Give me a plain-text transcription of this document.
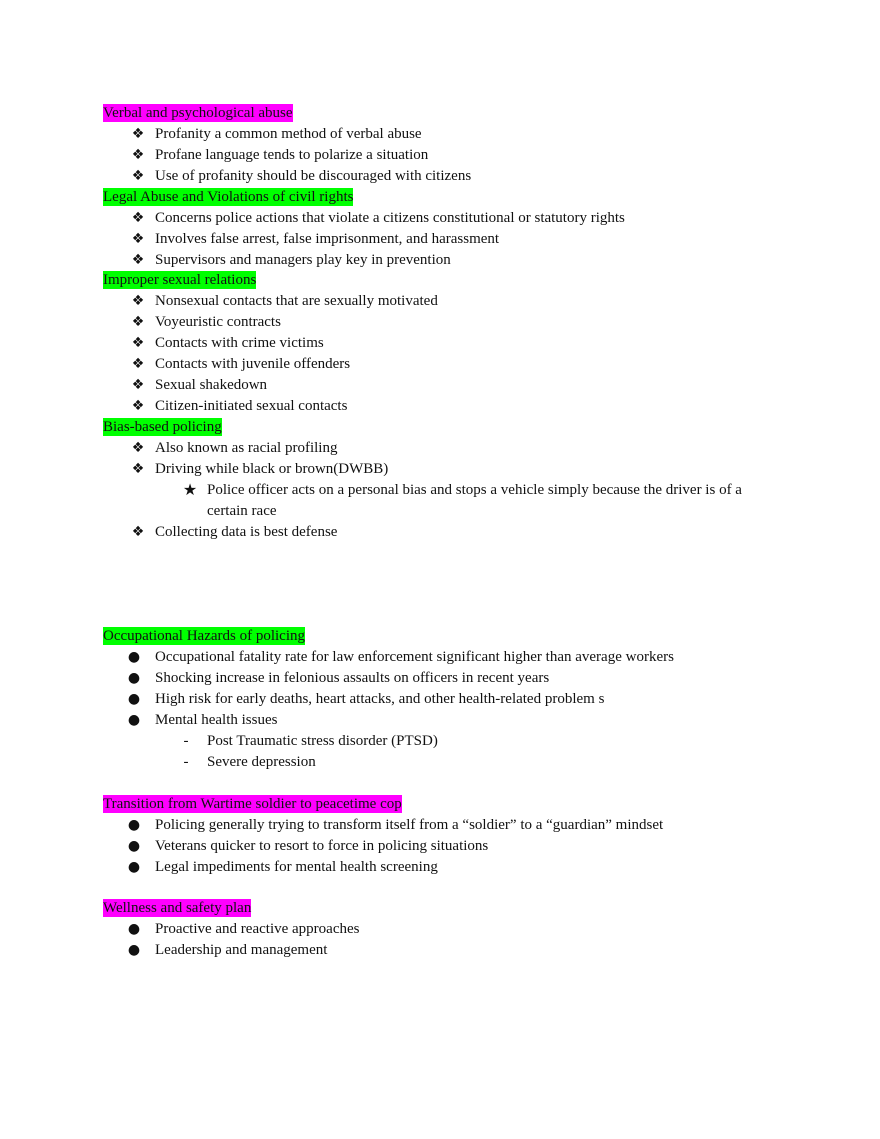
Verbal and psychological abuse
❖ Profanity a common method of verbal abuse
❖ Profane language tends to polarize a situation
❖ Use of profanity should be discouraged with citizens
Legal Abuse and Violations of civil rights
❖ Concerns police actions that violate a citizens constitutional or statutory rights
❖ Involves false arrest, false imprisonment, and harassment
❖ Supervisors and managers play key in prevention
Improper sexual relations
❖ Nonsexual contacts that are sexually motivated
❖ Voyeuristic contracts
❖ Contacts with crime victims
❖ Contacts with juvenile offenders
❖ Sexual shakedown
❖ Citizen-initiated sexual contacts
Bias-based policing
❖ Also known as racial profiling
❖ Driving while black or brown(DWBB)
★ Police officer acts on a personal bias and stops a vehicle simply because the driver is of a
certain race
❖ Collecting data is best defense
Occupational Hazards of policing
● Occupational fatality rate for law enforcement significant higher than average workers
● Shocking increase in felonious assaults on officers in recent years
● High risk for early deaths, heart attacks, and other health-related problem s
● Mental health issues
-	Post Traumatic stress disorder (PTSD)
-	Severe depression
Transition from Wartime soldier to peacetime cop
● Policing generally trying to transform itself from a “soldier” to a “guardian” mindset
● Veterans quicker to resort to force in policing situations
● Legal impediments for mental health screening
Wellness and safety plan
● Proactive and reactive approaches
● Leadership and management
